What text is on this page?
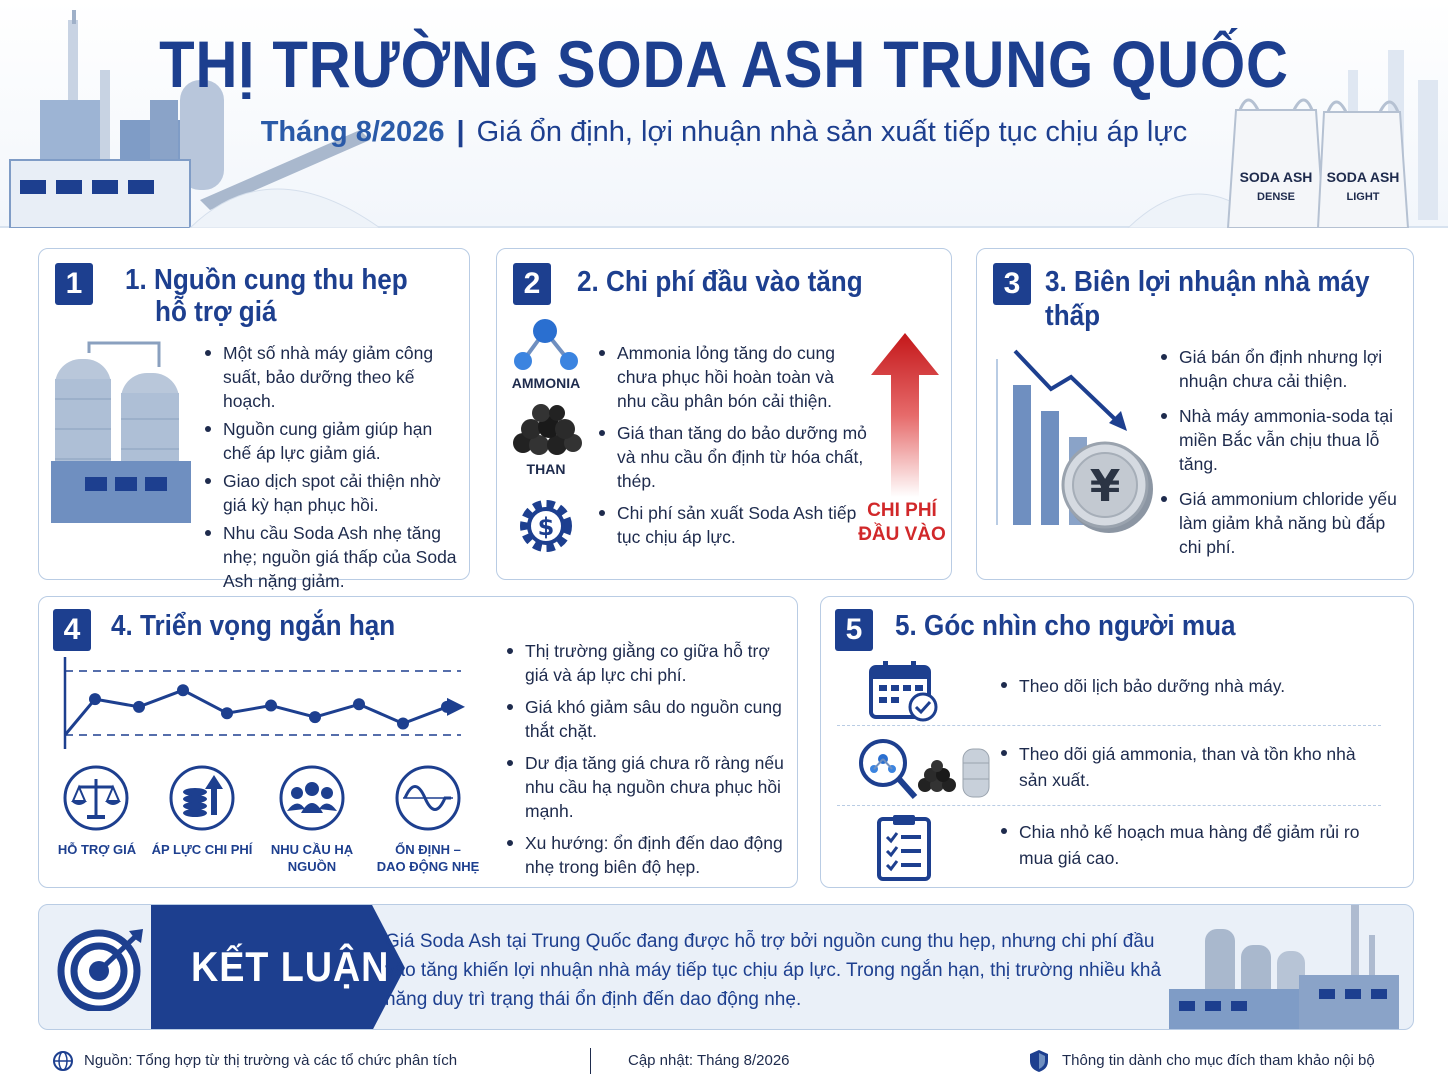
THỊ TRƯỜNG SODA ASH TRUNG QUỐC
Tháng 8/2026 | Giá ổn định, lợi nhuận nhà sản xuất tiếp tục chịu áp lực
SODA ASH
DENSE
SODA ASH
LIGHT
1	1. Nguồn cung thu hẹp
hỗ trợ giá
Một số nhà máy giảm công suất, bảo dưỡng theo kế hoạch.
Nguồn cung giảm giúp hạn chế áp lực giảm giá.
Giao dịch spot cải thiện nhờ giá kỳ hạn phục hồi.
Nhu cầu Soda Ash nhẹ tăng nhẹ; nguồn giá thấp của Soda Ash nặng giảm.
2	2. Chi phí đầu vào tăng
AMMONIA
THAN
$
Ammonia lỏng tăng do cung chưa phục hồi hoàn toàn và nhu cầu phân bón cải thiện.
Giá than tăng do bảo dưỡng mỏ và nhu cầu ổn định từ hóa chất, thép.
Chi phí sản xuất Soda Ash tiếp tục chịu áp lực.
CHI PHÍ
ĐẦU VÀO
3 3. Biên lợi nhuận nhà máy thấp
¥
Giá bán ổn định nhưng lợi nhuận chưa cải thiện.
Nhà máy ammonia-soda tại miền Bắc vẫn chịu thua lỗ tăng.
Giá ammonium chloride yếu làm giảm khả năng bù đắp chi phí.
4	4. Triển vọng ngắn hạn
HỖ TRỢ GIÁ	ÁP LỰC CHI PHÍ	NHU CẦU HẠ NGUỒN
ỔN ĐỊNH –
DAO ĐỘNG NHẸ
Thị trường giằng co giữa hỗ trợ giá và áp lực chi phí.
Giá khó giảm sâu do nguồn cung thắt chặt.
Dư địa tăng giá chưa rõ ràng nếu nhu cầu hạ nguồn chưa phục hồi mạnh.
Xu hướng: ổn định đến dao động nhẹ trong biên độ hẹp.
5	5. Góc nhìn cho người mua
Theo dõi lịch bảo dưỡng nhà máy.
Theo dõi giá ammonia, than và tồn kho nhà sản xuất.
Chia nhỏ kế hoạch mua hàng để giảm rủi ro mua giá cao.
KẾT LUẬN
Giá Soda Ash tại Trung Quốc đang được hỗ trợ bởi nguồn cung thu hẹp, nhưng chi phí đầu vào tăng khiến lợi nhuận nhà máy tiếp tục chịu áp lực. Trong ngắn hạn, thị trường nhiều khả năng duy trì trạng thái ổn định đến dao động nhẹ.
Nguồn: Tổng hợp từ thị trường và các tổ chức phân tích	Cập nhật: Tháng 8/2026	Thông tin dành cho mục đích tham khảo nội bộ
